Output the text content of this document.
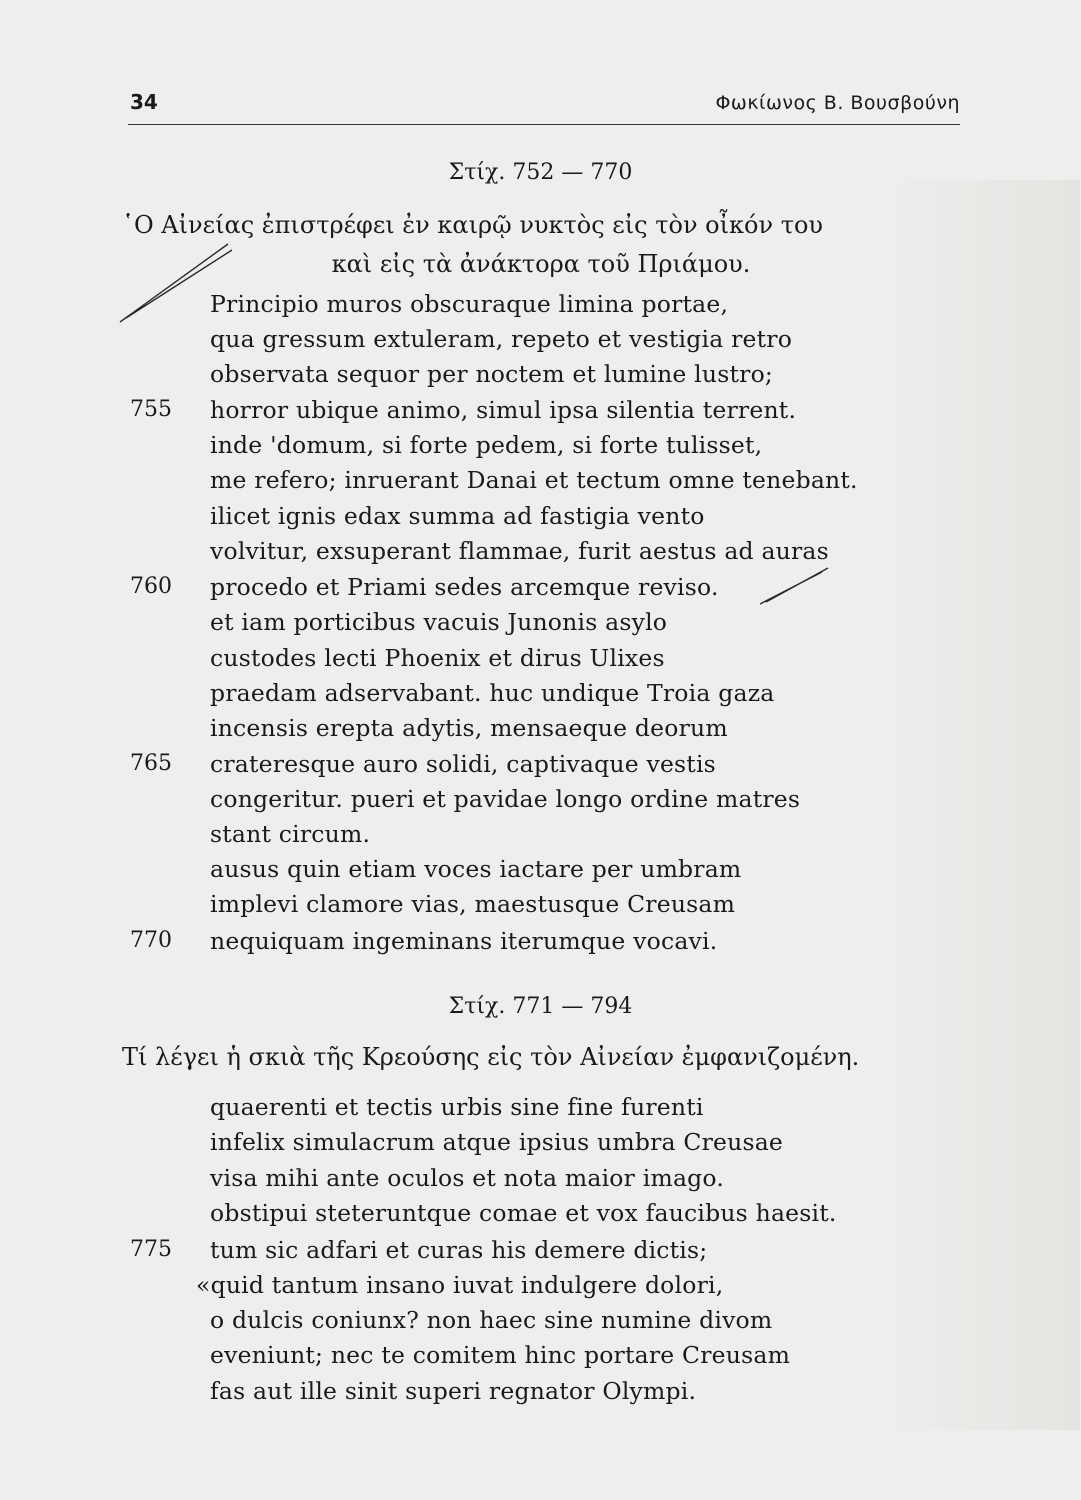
34	Φωκίωνος Β. Βουσβούνη
Στίχ. 752 — 770
῾Ο Αἰνείας ἐπιστρέφει ἐν καιρῷ νυκτὸς εἰς τὸν οἶκόν του
καὶ εἰς τὰ ἀνάκτορα τοῦ Πριάμου.
Principio muros obscuraque limina portae,
qua gressum extuleram, repeto et vestigia retro
observata sequor per noctem et lumine lustro;
horror ubique animo, simul ipsa silentia terrent.
inde 'domum, si forte pedem, si forte tulisset,
me refero; inruerant Danai et tectum omne tenebant.
ilicet ignis edax summa ad fastigia vento
volvitur, exsuperant flammae, furit aestus ad auras
procedo et Priami sedes arcemque reviso.
et iam porticibus vacuis Junonis asylo
custodes lecti Phoenix et dirus Ulixes
praedam adservabant. huc undique Troia gaza
incensis erepta adytis, mensaeque deorum
crateresque auro solidi, captivaque vestis
congeritur. pueri et pavidae longo ordine matres
stant circum.
ausus quin etiam voces iactare per umbram
implevi clamore vias, maestusque Creusam
nequiquam ingeminans iterumque vocavi.
755
760
765
770
Στίχ. 771 — 794
Τί λέγει ἡ σκιὰ τῆς Κρεούσης εἰς τὸν Αἰνείαν ἐμφανιζομένη.
quaerenti et tectis urbis sine fine furenti
infelix simulacrum atque ipsius umbra Creusae
visa mihi ante oculos et nota maior imago.
obstipui steteruntque comae et vox faucibus haesit.
tum sic adfari et curas his demere dictis;
«quid tantum insano iuvat indulgere dolori,
o dulcis coniunx? non haec sine numine divom
eveniunt; nec te comitem hinc portare Creusam
fas aut ille sinit superi regnator Olympi.
775
